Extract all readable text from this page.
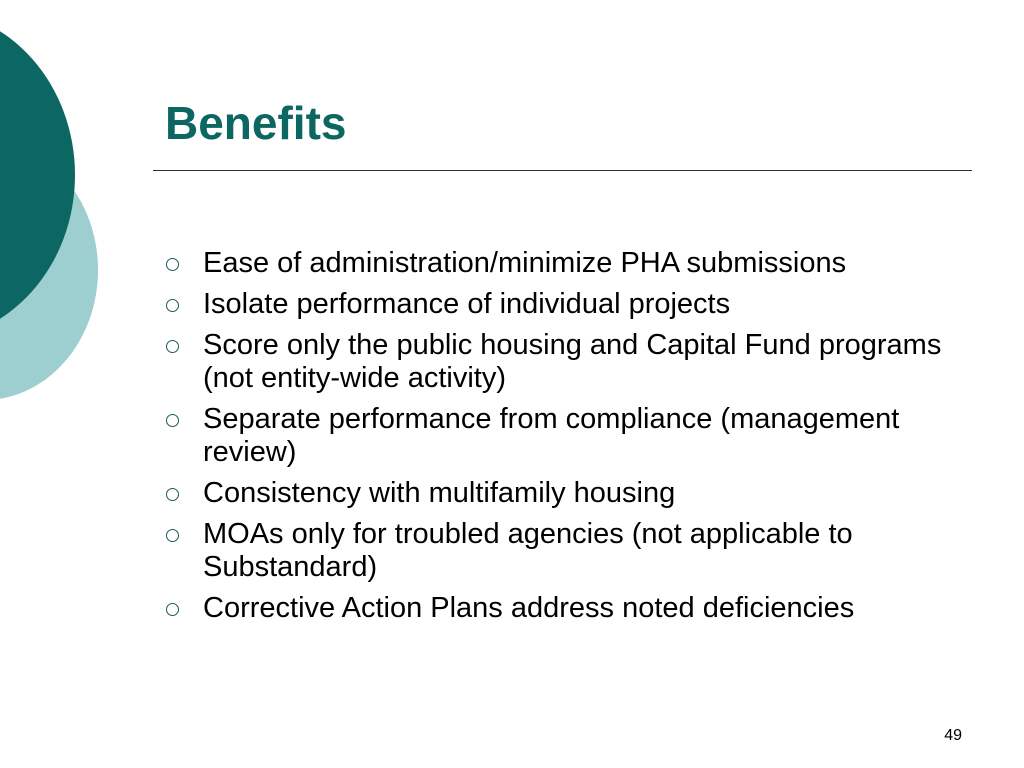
Benefits
Ease of administration/minimize PHA submissions
Isolate performance of individual projects
Score only the public housing and Capital Fund programs (not entity-wide activity)
Separate performance from compliance (management review)
Consistency with multifamily housing
MOAs only for troubled agencies (not applicable to Substandard)
Corrective Action Plans address noted deficiencies
49
